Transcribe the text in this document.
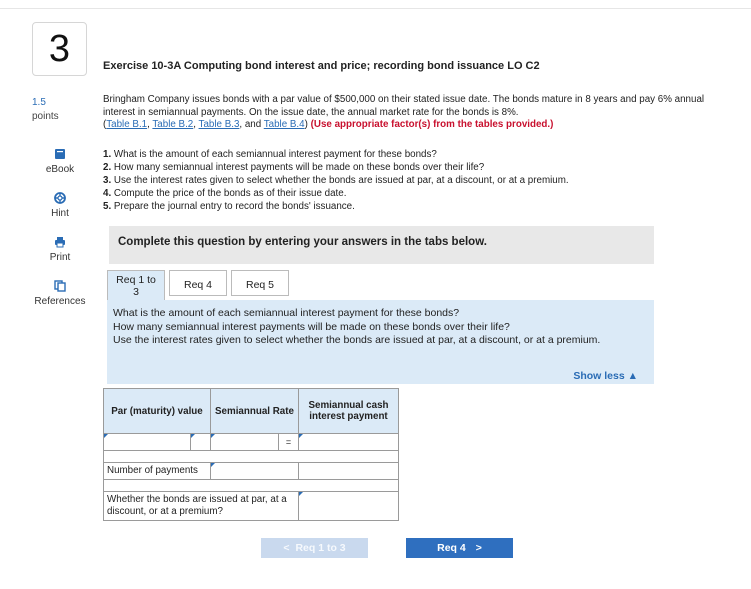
3	Exercise 10-3A Computing bond interest and price; recording bond issuance LO C2
1.5
points
Bringham Company issues bonds with a par value of $500,000 on their stated issue date. The bonds mature in 8 years and pay 6% annual interest in semiannual payments. On the issue date, the annual market rate for the bonds is 8%.
(Table B.1, Table B.2, Table B.3, and Table B.4) (Use appropriate factor(s) from the tables provided.)
1. What is the amount of each semiannual interest payment for these bonds?
2. How many semiannual interest payments will be made on these bonds over their life?
3. Use the interest rates given to select whether the bonds are issued at par, at a discount, or at a premium.
4. Compute the price of the bonds as of their issue date.
5. Prepare the journal entry to record the bonds' issuance.
eBook
Hint
Print
References
Complete this question by entering your answers in the tabs below.
Req 1 to
3
Req 4	Req 5
What is the amount of each semiannual interest payment for these bonds?
How many semiannual interest payments will be made on these bonds over their life?
Use the interest rates given to select whether the bonds are issued at par, at a discount, or at a premium.
Show less ▲
Par (maturity) value		Semiannual Rate		Semiannual cash interest payment
			=	

Number of payments				

Whether the bonds are issued at par, at a discount, or at a premium?				
< Req 1 to 3	Req 4 >
